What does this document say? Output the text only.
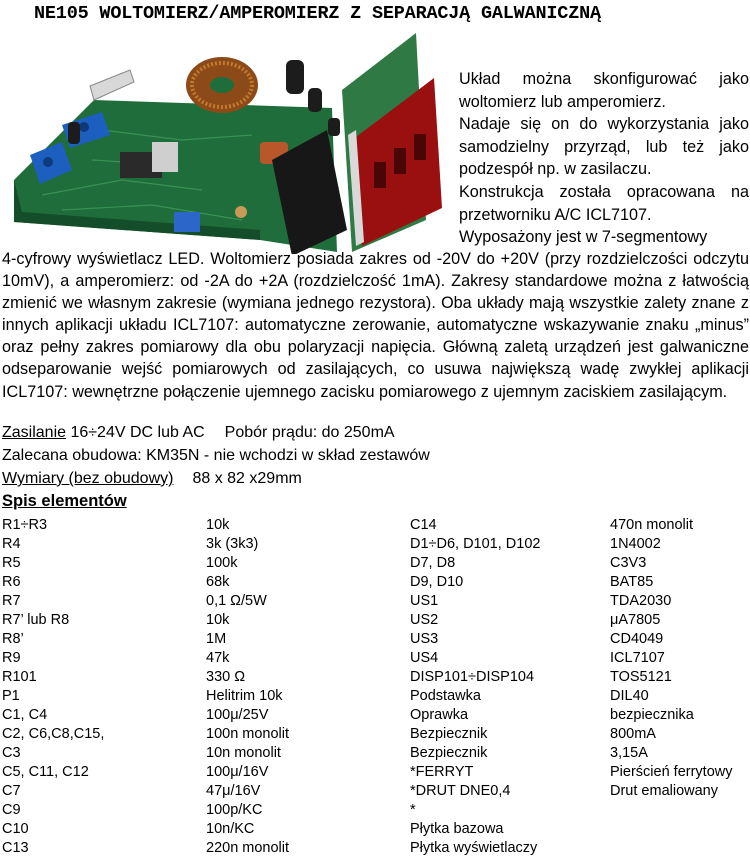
NE105 WOLTOMIERZ/AMPEROMIERZ Z SEPARACJĄ GALWANICZNĄ

Układ można skonfigurować jako woltomierz lub amperomierz.

Nadaje się on do wykorzystania jako samodzielny przyrząd, lub też jako podzespół np. w zasilaczu.

Konstrukcja została opracowana na przetworniku A/C ICL7107.

Wyposażony jest w 7-segmentowy

4-cyfrowy wyświetlacz LED. Woltomierz posiada zakres od -20V do +20V (przy rozdzielczości odczytu 10mV), a amperomierz: od -2A do +2A (rozdzielczość 1mA). Zakresy standardowe można z łatwością zmienić we własnym zakresie (wymiana jednego rezystora). Oba układy mają wszystkie zalety znane z innych aplikacji układu ICL7107: automatyczne zerowanie, automatyczne wskazywanie znaku „minus” oraz pełny zakres pomiarowy dla obu polaryzacji napięcia. Główną zaletą urządzeń jest galwaniczne odseparowanie wejść pomiarowych od zasilających, co usuwa największą wadę zwykłej aplikacji ICL7107: wewnętrzne połączenie ujemnego zacisku pomiarowego z ujemnym zaciskiem zasilającym.
Zasilanie 16÷24V DC lub AC Pobór prądu: do 250mA
Zalecana obudowa: KM35N - nie wchodzi w skład zestawów
Wymiary (bez obudowy) 88 x 82 x29mm
Spis elementów
R1÷R3	10k	C14	470n monolit
R4	3k (3k3)	D1÷D6, D101, D102	1N4002
R5	100k	D7, D8	C3V3
R6	68k	D9, D10	BAT85
R7	0,1 Ω/5W	US1	TDA2030
R7’ lub R8	10k	US2	μA7805
R8’	1M	US3	CD4049
R9	47k	US4	ICL7107
R101	330 Ω	DISP101÷DISP104	TOS5121
P1	Helitrim 10k	Podstawka	DIL40
C1, C4	100μ/25V	Oprawka	bezpiecznika
C2, C6,C8,C15,	100n monolit	Bezpiecznik	800mA
C3	10n monolit	Bezpiecznik	3,15A
C5, C11, C12	100μ/16V	*FERRYT	Pierścień ferrytowy
C7	47μ/16V	*DRUT DNE0,4	Drut emaliowany
C9	100p/KC	*
C10	10n/KC	Płytka bazowa
C13	220n monolit	Płytka wyświetlaczy
